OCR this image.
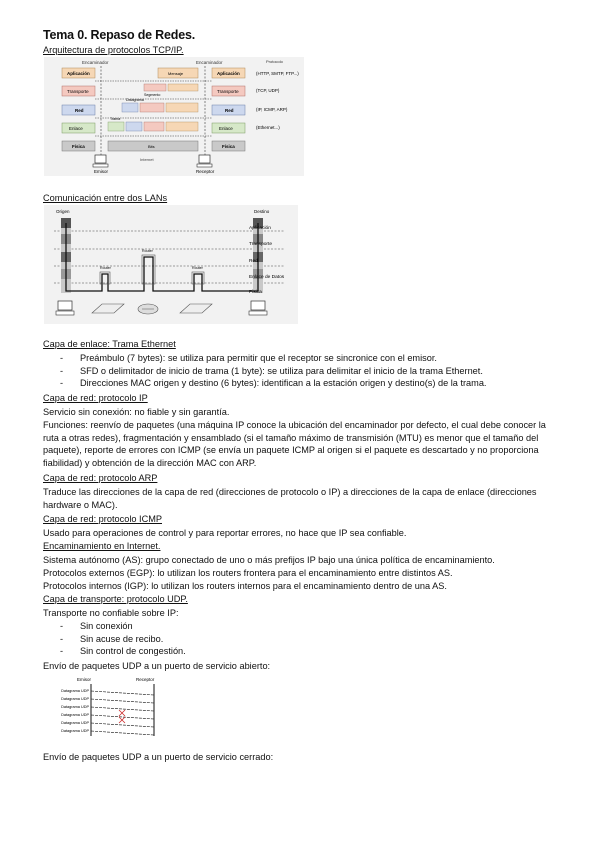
Tema 0. Repaso de Redes.
Arquitectura de protocolos TCP/IP.
Encaminador	Encaminador	Protocolo
Aplicación
Transporte
Red
Enlace
Física
Aplicación
Transporte
Red
Enlace
Física
Mensaje
Segmento
Datagrama
Trama
Bits
(HTTP, SMTP, FTP...)
(TCP, UDP)
(IP, ICMP, ARP)
(Ethernet...)
Internet
Emisor	Receptor
Comunicación entre dos LANs
Origen	Destino
Router
Router
Router
Aplicación
Transporte
Red
Enlace de Datos
Física
Capa de enlace: Trama Ethernet
- Preámbulo (7 bytes): se utiliza para permitir que el receptor se sincronice con el emisor.
- SFD o delimitador de inicio de trama (1 byte): se utiliza para delimitar el inicio de la trama Ethernet.
- Direcciones MAC origen y destino (6 bytes): identifican a la estación origen y destino(s) de la trama.
Capa de red: protocolo IP
Servicio sin conexión: no fiable y sin garantía.
Funciones: reenvío de paquetes (una máquina IP conoce la ubicación del encaminador por defecto, el cual debe conocer la ruta a otras redes), fragmentación y ensamblado (si el tamaño máximo de transmisión (MTU) es menor que el tamaño del paquete), reporte de errores con ICMP (se envía un paquete ICMP al origen si el paquete es descartado y no proporciona fiabilidad) y obtención de la dirección MAC con ARP.
Capa de red: protocolo ARP
Traduce las direcciones de la capa de red (direcciones de protocolo o IP) a direcciones de la capa de enlace (direcciones hardware o MAC).
Capa de red: protocolo ICMP
Usado para operaciones de control y para reportar errores, no hace que IP sea confiable.
Encaminamiento en Internet.
Sistema autónomo (AS): grupo conectado de uno o más prefijos IP bajo una única política de encaminamiento.
Protocolos externos (EGP): lo utilizan los routers frontera para el encaminamiento entre distintos AS.
Protocolos internos (IGP): lo utilizan los routers internos para el encaminamiento dentro de una AS.
Capa de transporte: protocolo UDP.
Transporte no confiable sobre IP:
- Sin conexión
- Sin acuse de recibo.
- Sin control de congestión.
Envío de paquetes UDP a un puerto de servicio abierto:
Emisor	Receptor
Datagrama UDP
Datagrama UDP
Datagrama UDP
Datagrama UDP
Datagrama UDP
Datagrama UDP
Envío de paquetes UDP a un puerto de servicio cerrado:
